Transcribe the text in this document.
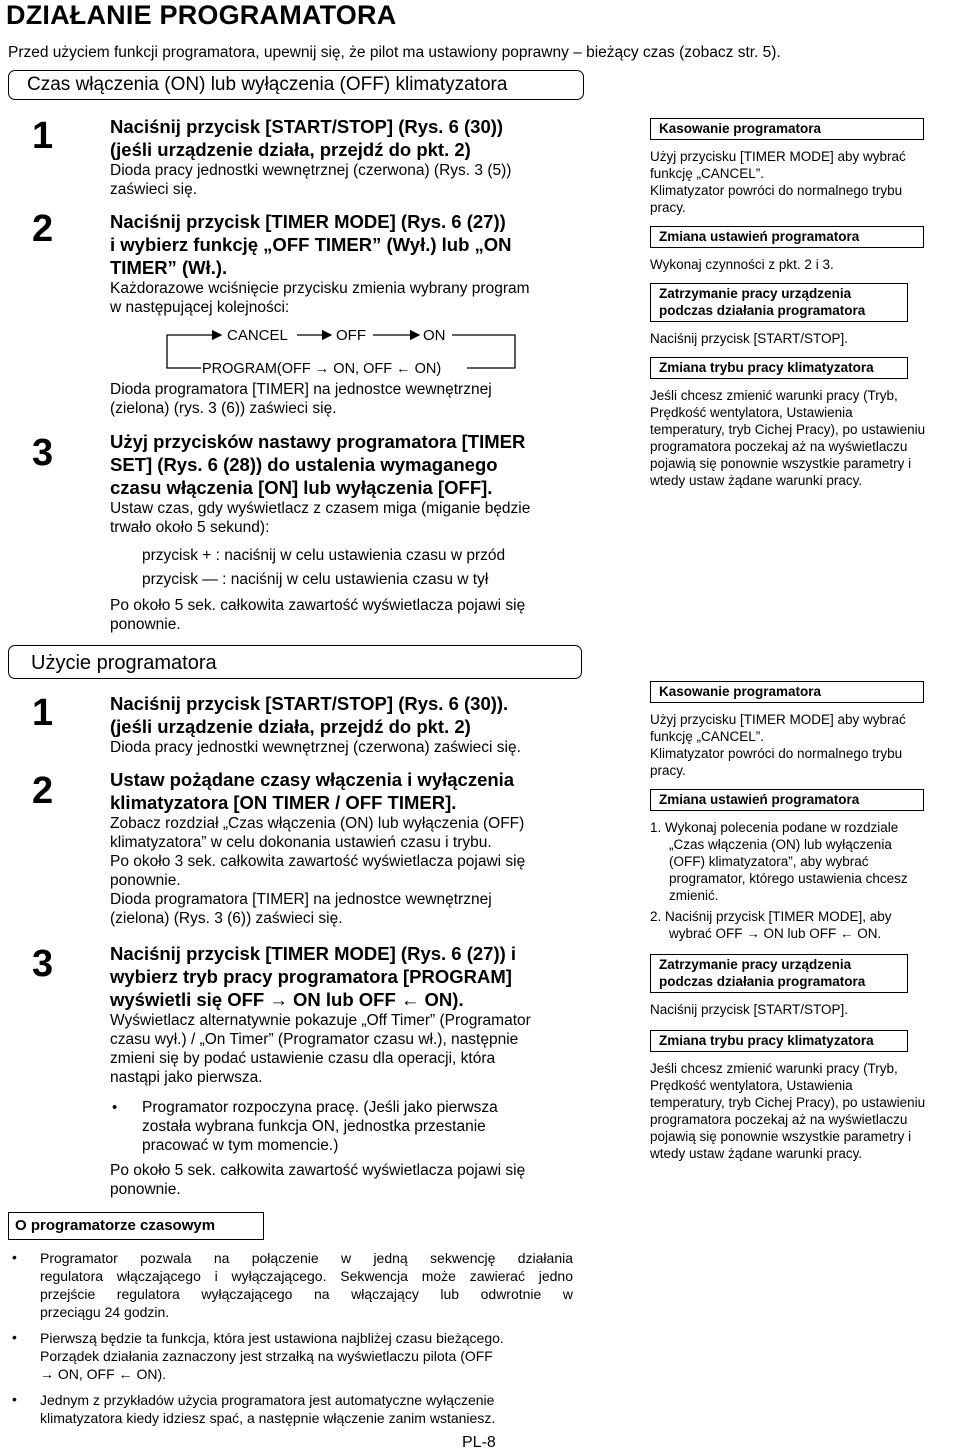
DZIAŁANIE PROGRAMATORA
Przed użyciem funkcji programatora, upewnij się, że pilot ma ustawiony poprawny – bieżący czas (zobacz str. 5).
Czas włączenia (ON) lub wyłączenia (OFF) klimatyzatora
1	Naciśnij przycisk [START/STOP] (Rys. 6 (30))
(jeśli urządzenie działa, przejdź do pkt. 2)
Dioda pracy jednostki wewnętrznej (czerwona) (Rys. 3 (5))
zaświeci się.
2	Naciśnij przycisk [TIMER MODE] (Rys. 6 (27))
i wybierz funkcję „OFF TIMER” (Wył.) lub „ON
TIMER” (Wł.).
Każdorazowe wciśnięcie przycisku zmienia wybrany program
w następującej kolejności:
CANCEL	OFF	ON
PROGRAM(OFF → ON, OFF ← ON)
Dioda programatora [TIMER] na jednostce wewnętrznej
(zielona) (rys. 3 (6)) zaświeci się.
3	Użyj przycisków nastawy programatora [TIMER
SET] (Rys. 6 (28)) do ustalenia wymaganego
czasu włączenia [ON] lub wyłączenia [OFF].
Ustaw czas, gdy wyświetlacz z czasem miga (miganie będzie
trwało około 5 sekund):
przycisk + : naciśnij w celu ustawienia czasu w przód
przycisk — : naciśnij w celu ustawienia czasu w tył
Po około 5 sek. całkowita zawartość wyświetlacza pojawi się
ponownie.
Kasowanie programatora
Użyj przycisku [TIMER MODE] aby wybrać
funkcję „CANCEL”.
Klimatyzator powróci do normalnego trybu
pracy.
Zmiana ustawień programatora
Wykonaj czynności z pkt. 2 i 3.
Zatrzymanie pracy urządzenia
podczas działania programatora
Naciśnij przycisk [START/STOP].
Zmiana trybu pracy klimatyzatora
Jeśli chcesz zmienić warunki pracy (Tryb,
Prędkość wentylatora, Ustawienia
temperatury, tryb Cichej Pracy), po ustawieniu
programatora poczekaj aż na wyświetlaczu
pojawią się ponownie wszystkie parametry i
wtedy ustaw żądane warunki pracy.
Użycie programatora
1	Naciśnij przycisk [START/STOP] (Rys. 6 (30)).
(jeśli urządzenie działa, przejdź do pkt. 2)
Dioda pracy jednostki wewnętrznej (czerwona) zaświeci się.
2	Ustaw pożądane czasy włączenia i wyłączenia
klimatyzatora [ON TIMER / OFF TIMER].
Zobacz rozdział „Czas włączenia (ON) lub wyłączenia (OFF)
klimatyzatora” w celu dokonania ustawień czasu i trybu.
Po około 3 sek. całkowita zawartość wyświetlacza pojawi się
ponownie.
Dioda programatora [TIMER] na jednostce wewnętrznej
(zielona) (Rys. 3 (6)) zaświeci się.
3	Naciśnij przycisk [TIMER MODE] (Rys. 6 (27)) i
wybierz tryb pracy programatora [PROGRAM]
wyświetli się OFF → ON lub OFF ← ON).
Wyświetlacz alternatywnie pokazuje „Off Timer” (Programator
czasu wył.) / „On Timer” (Programator czasu wł.), następnie
zmieni się by podać ustawienie czasu dla operacji, która
nastąpi jako pierwsza.
• Programator rozpoczyna pracę. (Jeśli jako pierwsza
została wybrana funkcja ON, jednostka przestanie
pracować w tym momencie.)
Po około 5 sek. całkowita zawartość wyświetlacza pojawi się
ponownie.
Kasowanie programatora
Użyj przycisku [TIMER MODE] aby wybrać
funkcję „CANCEL”.
Klimatyzator powróci do normalnego trybu
pracy.
Zmiana ustawień programatora
1. Wykonaj polecenia podane w rozdziale
„Czas włączenia (ON) lub wyłączenia
(OFF) klimatyzatora”, aby wybrać
programator, którego ustawienia chcesz
zmienić.
2. Naciśnij przycisk [TIMER MODE], aby
wybrać OFF → ON lub OFF ← ON.
Zatrzymanie pracy urządzenia
podczas działania programatora
Naciśnij przycisk [START/STOP].
Zmiana trybu pracy klimatyzatora
Jeśli chcesz zmienić warunki pracy (Tryb,
Prędkość wentylatora, Ustawienia
temperatury, tryb Cichej Pracy), po ustawieniu
programatora poczekaj aż na wyświetlaczu
pojawią się ponownie wszystkie parametry i
wtedy ustaw żądane warunki pracy.
O programatorze czasowym
• Programator pozwala na połączenie w jedną sekwencję działania
regulatora włączającego i wyłączającego. Sekwencja może zawierać jedno
przejście regulatora wyłączającego na włączający lub odwrotnie w
przeciągu 24 godzin.
• Pierwszą będzie ta funkcja, która jest ustawiona najbliżej czasu bieżącego.
Porządek działania zaznaczony jest strzałką na wyświetlaczu pilota (OFF
→ ON, OFF ← ON).
• Jednym z przykładów użycia programatora jest automatyczne wyłączenie
klimatyzatora kiedy idziesz spać, a następnie włączenie zanim wstaniesz.
PL-8
